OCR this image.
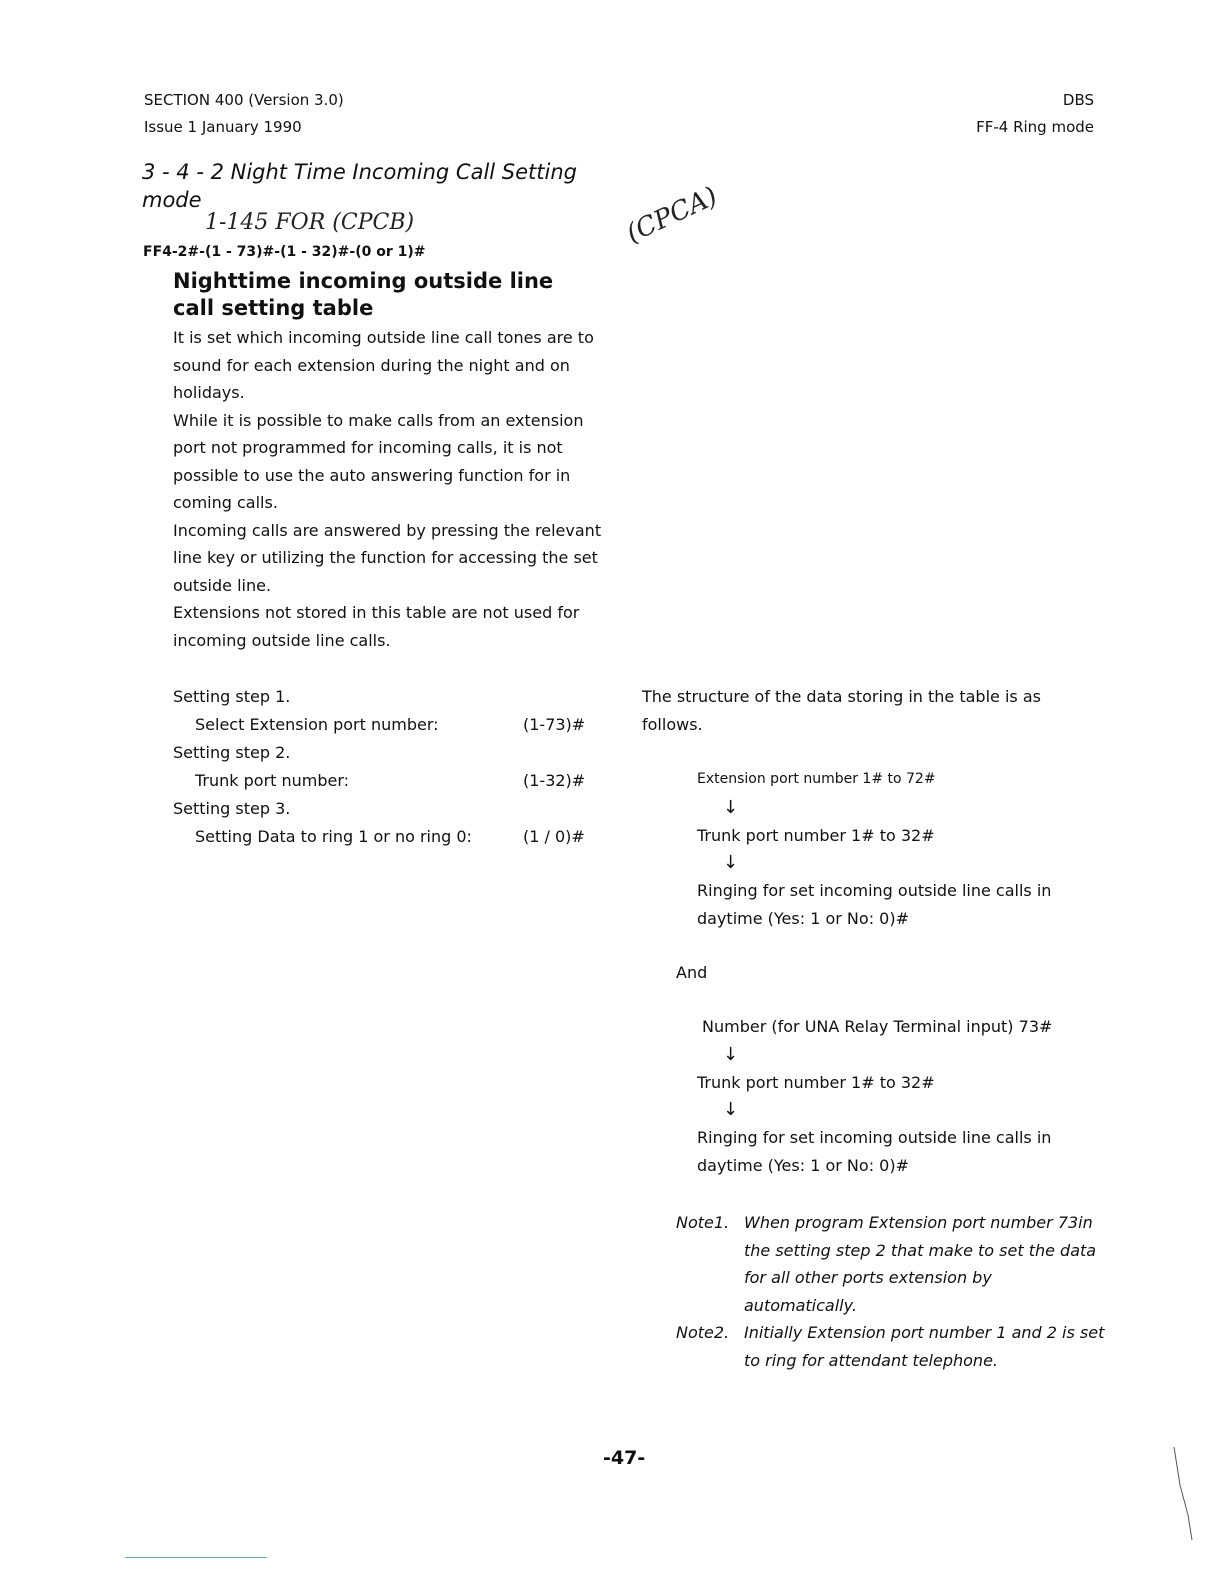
SECTION 400 (Version 3.0)
Issue 1 January 1990
DBS
FF-4 Ring mode
3 - 4 - 2 Night Time Incoming Call Setting mode
1-145 FOR (CPCB)	(CPCA)
FF4-2#-(1 - 73)#-(1 - 32)#-(0 or 1)#
Nighttime incoming outside line call setting table
It is set which incoming outside line call tones are to sound for each extension during the night and on holidays.
While it is possible to make calls from an extension port not programmed for incoming calls, it is not possible to use the auto answering function for in coming calls.
Incoming calls are answered by pressing the relevant line key or utilizing the function for accessing the set outside line.
Extensions not stored in this table are not used for incoming outside line calls.
Setting step 1.
Select Extension port number:	(1-73)#
Setting step 2.
Trunk port number:	(1-32)#
Setting step 3.
Setting Data to ring 1 or no ring 0:	(1 / 0)#
The structure of the data storing in the table is as follows.
Extension port number 1# to 72#
↓
Trunk port number 1# to 32#
↓
Ringing for set incoming outside line calls in daytime (Yes: 1 or No: 0)#
And
Number (for UNA Relay Terminal input) 73#
↓
Trunk port number 1# to 32#
↓
Ringing for set incoming outside line calls in daytime (Yes: 1 or No: 0)#
Note1. When program Extension port number 73in the setting step 2 that make to set the data for all other ports extension by automatically.
Note2. Initially Extension port number 1 and 2 is set to ring for attendant telephone.
-47-
